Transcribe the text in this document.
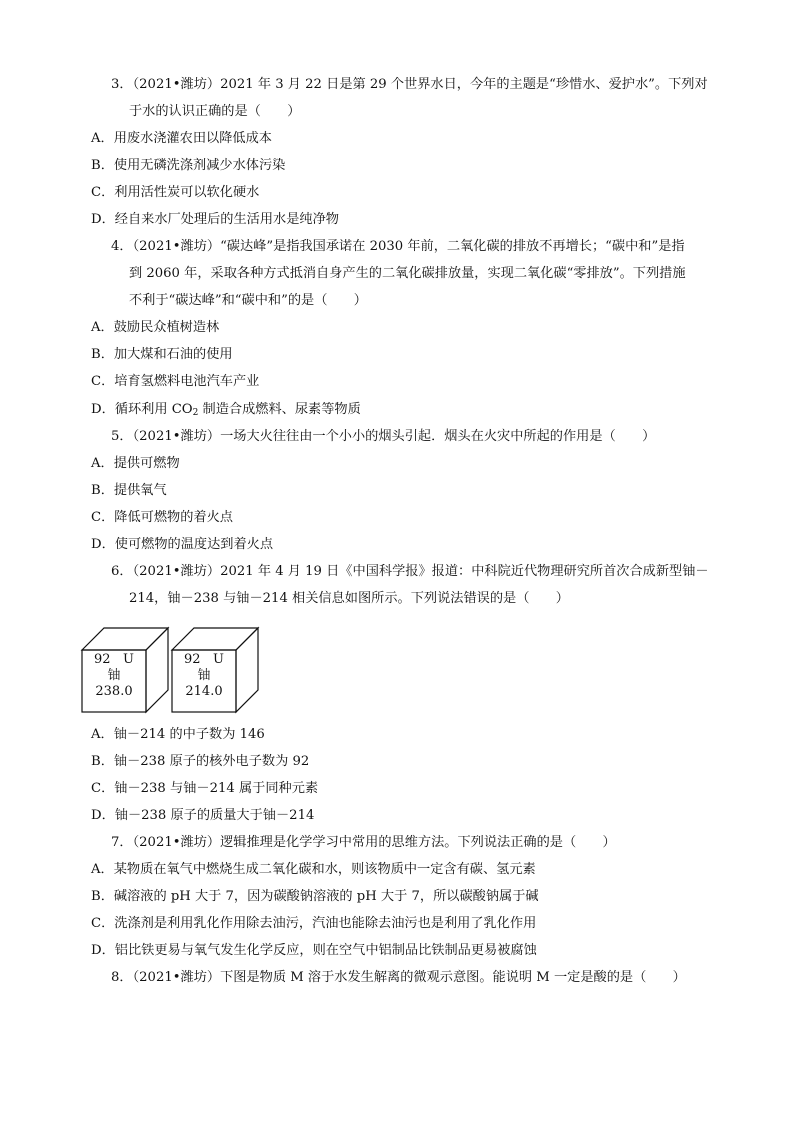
3．（2021•潍坊）2021 年 3 月 22 日是第 29 个世界水日，今年的主题是“珍惜水、爱护水”。下列对
于水的认识正确的是（　　）
A．用废水浇灌农田以降低成本
B．使用无磷洗涤剂减少水体污染
C．利用活性炭可以软化硬水
D．经自来水厂处理后的生活用水是纯净物
4．（2021•潍坊）“碳达峰”是指我国承诺在 2030 年前，二氧化碳的排放不再增长；“碳中和”是指
到 2060 年，采取各种方式抵消自身产生的二氧化碳排放量，实现二氧化碳“零排放”。下列措施
不利于“碳达峰”和“碳中和”的是（　　）
A．鼓励民众植树造林
B．加大煤和石油的使用
C．培育氢燃料电池汽车产业
D．循环利用 $CO_2$ 制造合成燃料、尿素等物质
5．（2021•潍坊）一场大火往往由一个小小的烟头引起．烟头在火灾中所起的作用是（　　）
A．提供可燃物
B．提供氧气
C．降低可燃物的着火点
D．使可燃物的温度达到着火点
6．（2021•潍坊）2021 年 4 月 19 日《中国科学报》报道：中科院近代物理研究所首次合成新型铀－
214，铀－238 与铀－214 相关信息如图所示。下列说法错误的是（　　）
92 U
铀
238.0
92 U
铀
214.0
A．铀－214 的中子数为 146
B．铀－238 原子的核外电子数为 92
C．铀－238 与铀－214 属于同种元素
D．铀－238 原子的质量大于铀－214
7．（2021•潍坊）逻辑推理是化学学习中常用的思维方法。下列说法正确的是（　　）
A．某物质在氧气中燃烧生成二氧化碳和水，则该物质中一定含有碳、氢元素
B．碱溶液的 pH 大于 7，因为碳酸钠溶液的 pH 大于 7，所以碳酸钠属于碱
C．洗涤剂是利用乳化作用除去油污，汽油也能除去油污也是利用了乳化作用
D．铝比铁更易与氧气发生化学反应，则在空气中铝制品比铁制品更易被腐蚀
8．（2021•潍坊）下图是物质 M 溶于水发生解离的微观示意图。能说明 M 一定是酸的是（　　）
